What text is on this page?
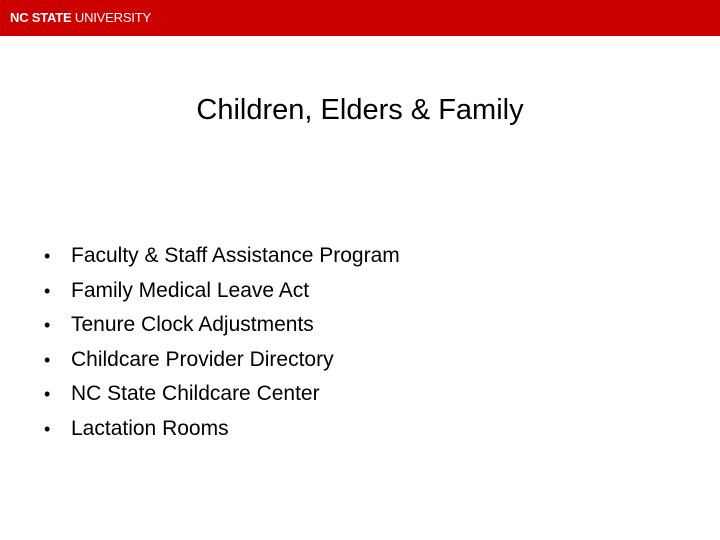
NC STATE UNIVERSITY
Children, Elders & Family
• Faculty & Staff Assistance Program
• Family Medical Leave Act
• Tenure Clock Adjustments
• Childcare Provider Directory
• NC State Childcare Center
• Lactation Rooms
